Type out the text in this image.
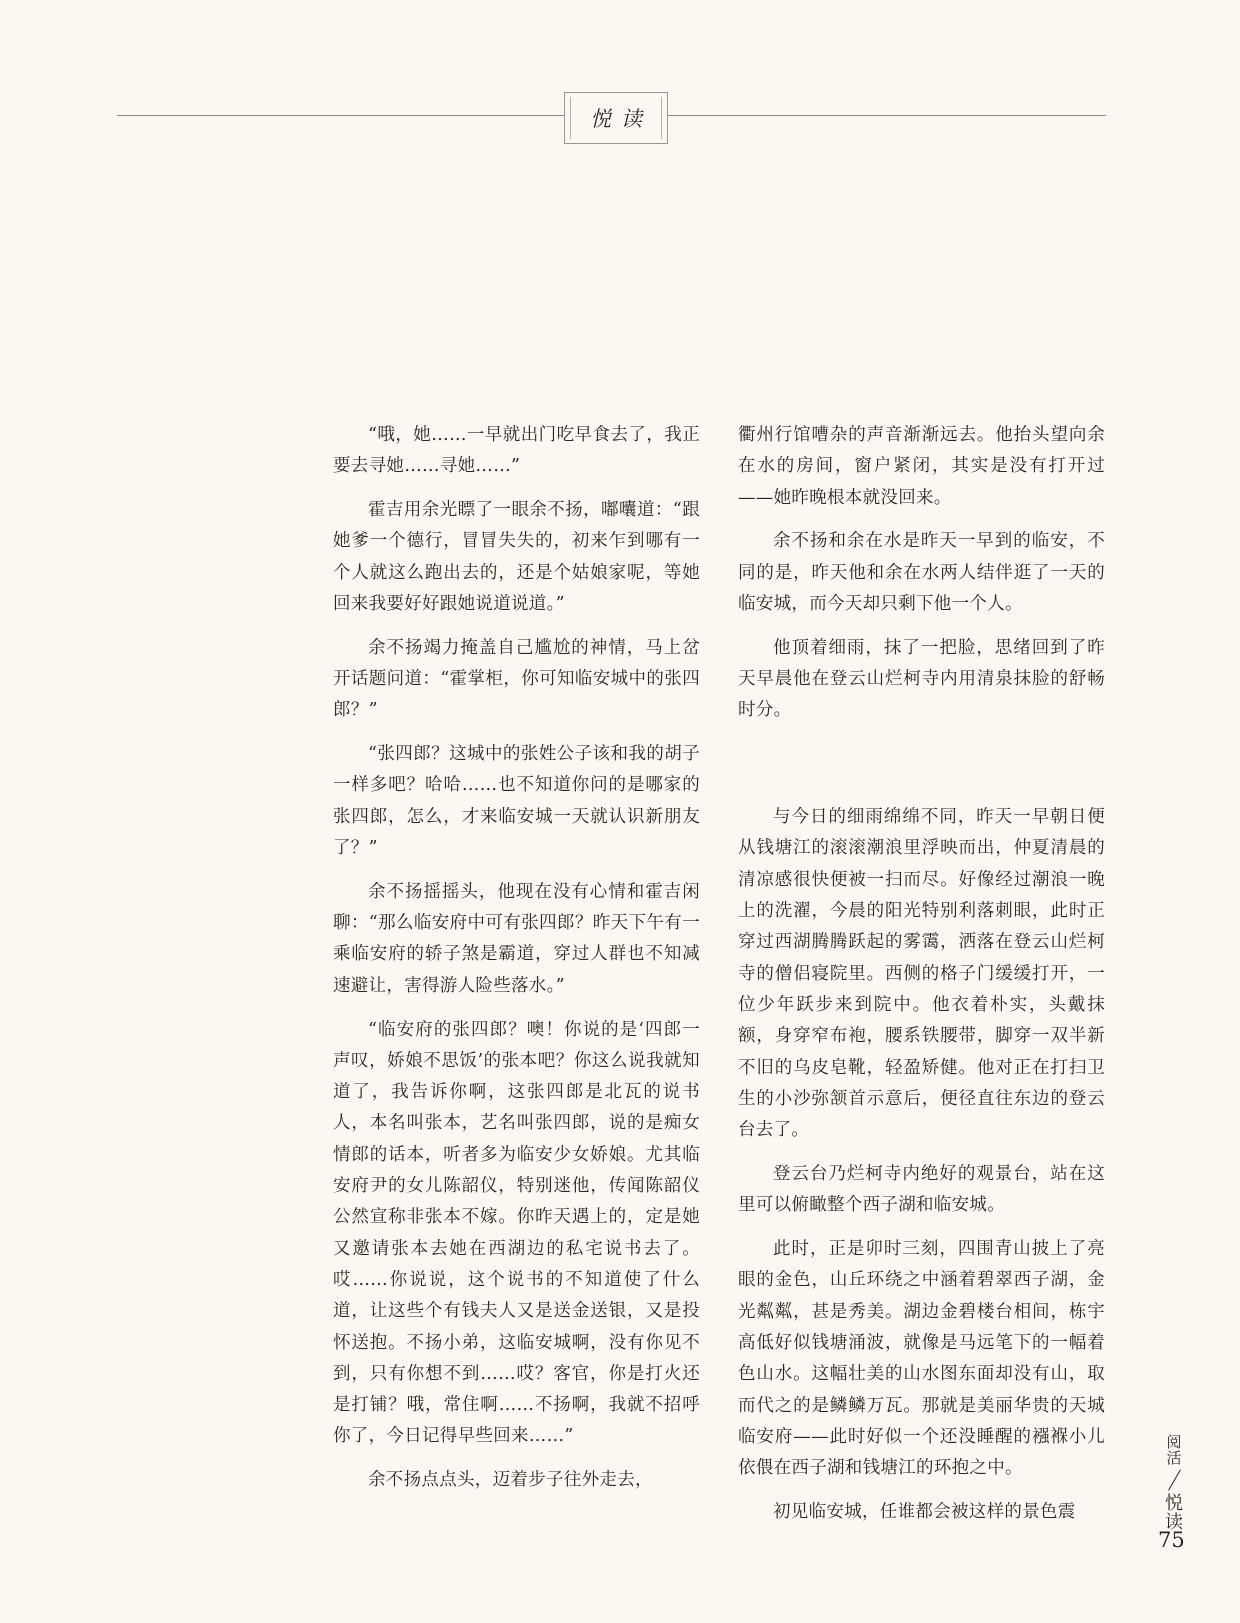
悦读

“哦，她……一早就出门吃早食去了，我正要去寻她……寻她……”

霍吉用余光瞟了一眼余不扬，嘟囔道：“跟她爹一个德行，冒冒失失的，初来乍到哪有一个人就这么跑出去的，还是个姑娘家呢，等她回来我要好好跟她说道说道。”

余不扬竭力掩盖自己尴尬的神情，马上岔开话题问道：“霍掌柜，你可知临安城中的张四郎？”

“张四郎？这城中的张姓公子该和我的胡子一样多吧？哈哈……也不知道你问的是哪家的张四郎，怎么，才来临安城一天就认识新朋友了？”

余不扬摇摇头，他现在没有心情和霍吉闲聊：“那么临安府中可有张四郎？昨天下午有一乘临安府的轿子煞是霸道，穿过人群也不知减速避让，害得游人险些落水。”

“临安府的张四郎？噢！你说的是‘四郎一声叹，娇娘不思饭’的张本吧？你这么说我就知道了，我告诉你啊，这张四郎是北瓦的说书人，本名叫张本，艺名叫张四郎，说的是痴女情郎的话本，听者多为临安少女娇娘。尤其临安府尹的女儿陈韶仪，特别迷他，传闻陈韶仪公然宣称非张本不嫁。你昨天遇上的，定是她又邀请张本去她在西湖边的私宅说书去了。哎……你说说，这个说书的不知道使了什么道，让这些个有钱夫人又是送金送银，又是投怀送抱。不扬小弟，这临安城啊，没有你见不到，只有你想不到……哎？客官，你是打火还是打铺？哦，常住啊……不扬啊，我就不招呼你了，今日记得早些回来……”

余不扬点点头，迈着步子往外走去，

衢州行馆嘈杂的声音渐渐远去。他抬头望向余在水的房间，窗户紧闭，其实是没有打开过——她昨晚根本就没回来。

余不扬和余在水是昨天一早到的临安，不同的是，昨天他和余在水两人结伴逛了一天的临安城，而今天却只剩下他一个人。

他顶着细雨，抹了一把脸，思绪回到了昨天早晨他在登云山烂柯寺内用清泉抹脸的舒畅时分。

与今日的细雨绵绵不同，昨天一早朝日便从钱塘江的滚滚潮浪里浮映而出，仲夏清晨的清凉感很快便被一扫而尽。好像经过潮浪一晚上的洗濯，今晨的阳光特别利落刺眼，此时正穿过西湖腾腾跃起的雾霭，洒落在登云山烂柯寺的僧侣寝院里。西侧的格子门缓缓打开，一位少年跃步来到院中。他衣着朴实，头戴抹额，身穿窄布袍，腰系铁腰带，脚穿一双半新不旧的乌皮皂靴，轻盈矫健。他对正在打扫卫生的小沙弥颔首示意后，便径直往东边的登云台去了。

登云台乃烂柯寺内绝好的观景台，站在这里可以俯瞰整个西子湖和临安城。

此时，正是卯时三刻，四围青山披上了亮眼的金色，山丘环绕之中涵着碧翠西子湖，金光粼粼，甚是秀美。湖边金碧楼台相间，栋宇高低好似钱塘涌波，就像是马远笔下的一幅着色山水。这幅壮美的山水图东面却没有山，取而代之的是鳞鳞万瓦。那就是美丽华贵的天城临安府——此时好似一个还没睡醒的襁褓小儿依偎在西子湖和钱塘江的环抱之中。

初见临安城，任谁都会被这样的景色震

阅活
悦读
75
